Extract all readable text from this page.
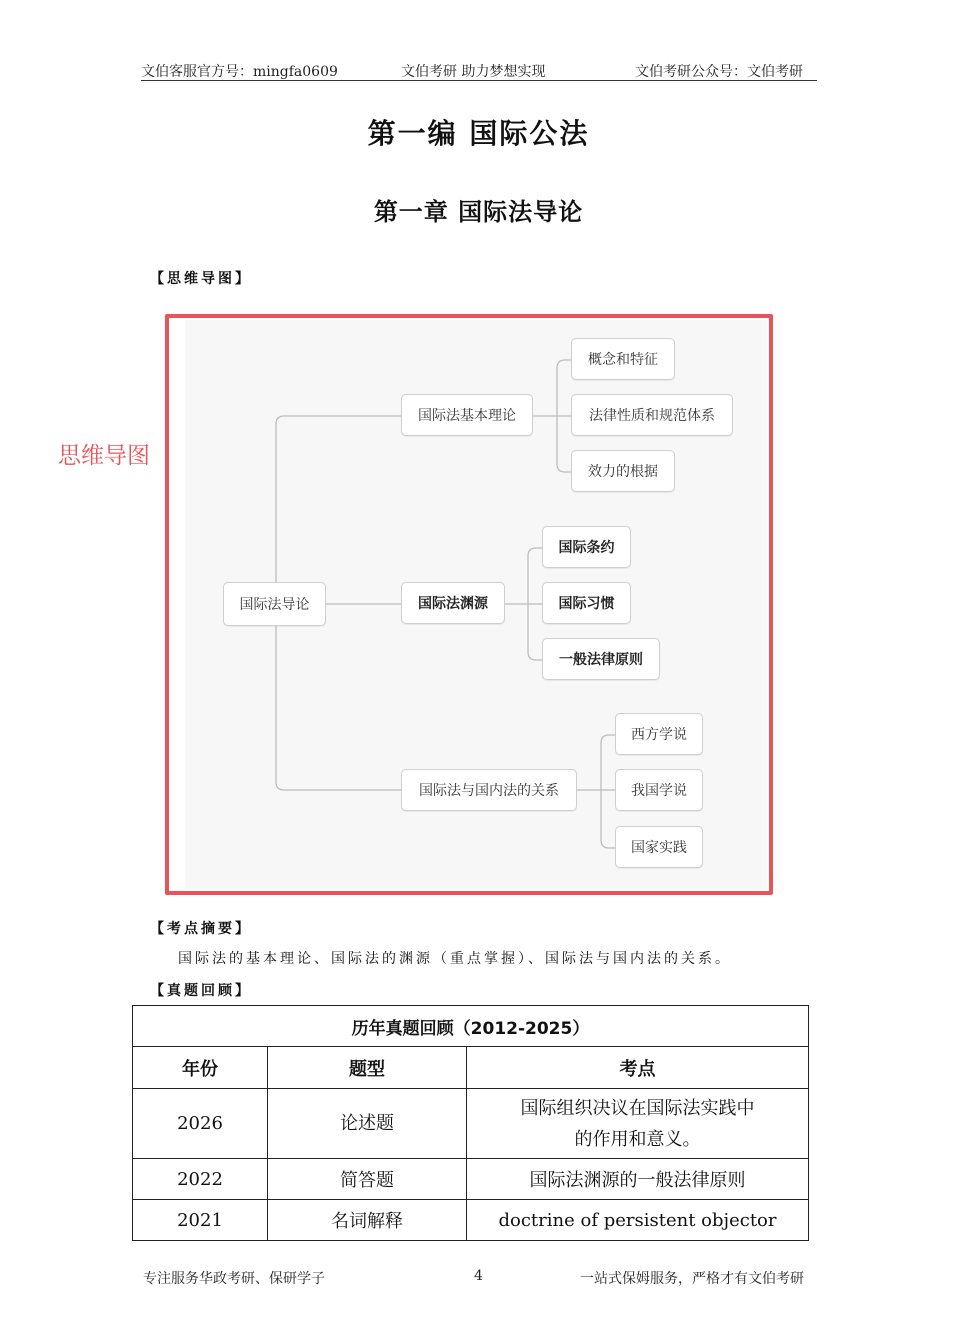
文伯客服官方号：mingfa0609	文伯考研 助力梦想实现	文伯考研公众号：文伯考研
第一编 国际公法
第一章 国际法导论
【思维导图】
思维导图
国际法导论
国际法基本理论
概念和特征
法律性质和规范体系
效力的根据
国际法渊源
国际条约
国际习惯
一般法律原则
国际法与国内法的关系
西方学说
我国学说
国家实践
【考点摘要】
国际法的基本理论、国际法的渊源（重点掌握）、国际法与国内法的关系。
【真题回顾】
历年真题回顾（2012-2025）		
年份	题型	考点
2026	论述题	国际组织决议在国际法实践中
的作用和意义。

2022	简答题	国际法渊源的一般法律原则
2021	名词解释	doctrine of persistent objector
专注服务华政考研、保研学子	4	一站式保姆服务，严格才有文伯考研
